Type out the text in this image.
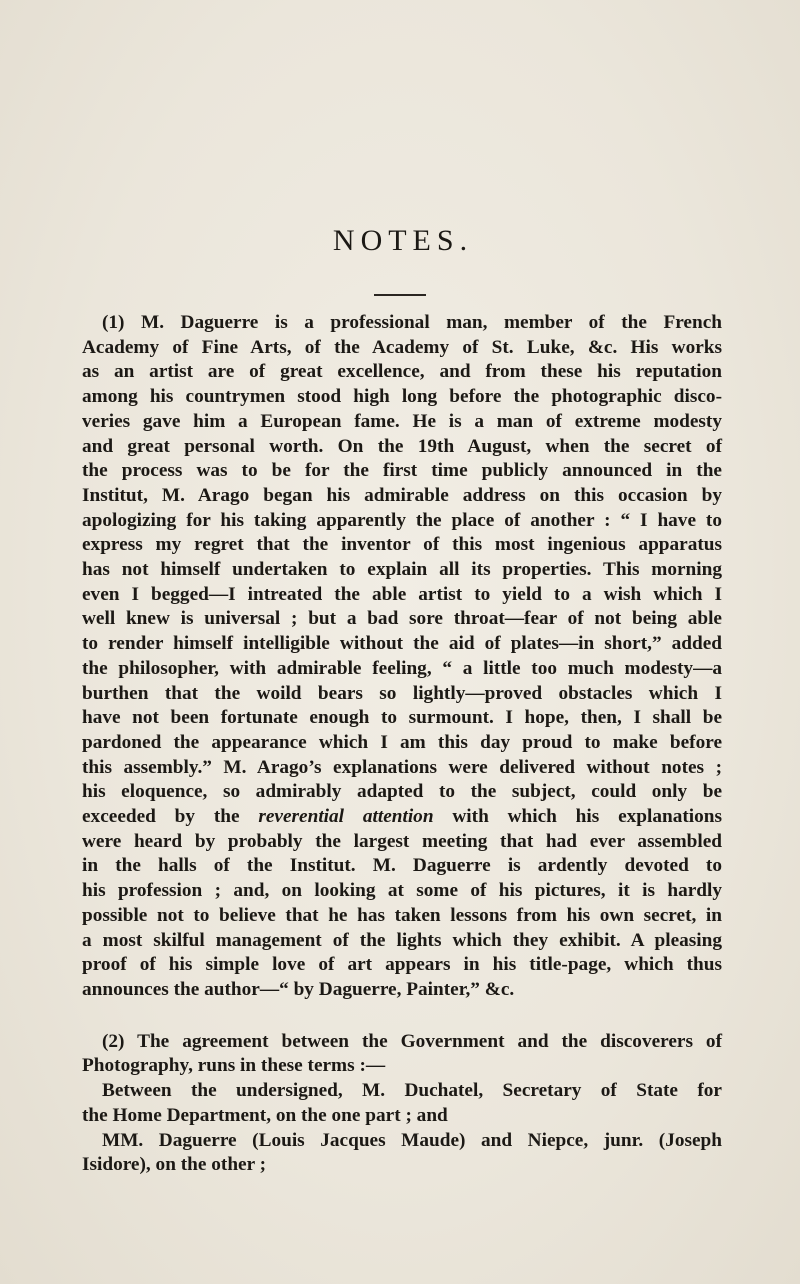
NOTES.
(1) M. Daguerre is a professional man, member of the French
Academy of Fine Arts, of the Academy of St. Luke, &c. His works
as an artist are of great excellence, and from these his reputation
among his countrymen stood high long before the photographic disco-
veries gave him a European fame. He is a man of extreme modesty
and great personal worth. On the 19th August, when the secret of
the process was to be for the first time publicly announced in the
Institut, M. Arago began his admirable address on this occasion by
apologizing for his taking apparently the place of another : “ I have to
express my regret that the inventor of this most ingenious apparatus
has not himself undertaken to explain all its properties. This morning
even I begged—I intreated the able artist to yield to a wish which I
well knew is universal ; but a bad sore throat—fear of not being able
to render himself intelligible without the aid of plates—in short,” added
the philosopher, with admirable feeling, “ a little too much modesty—a
burthen that the woild bears so lightly—proved obstacles which I
have not been fortunate enough to surmount. I hope, then, I shall be
pardoned the appearance which I am this day proud to make before
this assembly.” M. Arago’s explanations were delivered without notes ;
his eloquence, so admirably adapted to the subject, could only be
exceeded by the reverential attention with which his explanations
were heard by probably the largest meeting that had ever assembled
in the halls of the Institut. M. Daguerre is ardently devoted to
his profession ; and, on looking at some of his pictures, it is hardly
possible not to believe that he has taken lessons from his own secret, in
a most skilful management of the lights which they exhibit. A pleasing
proof of his simple love of art appears in his title-page, which thus
announces the author—“ by Daguerre, Painter,” &c.
(2) The agreement between the Government and the discoverers of
Photography, runs in these terms :—
Between the undersigned, M. Duchatel, Secretary of State for
the Home Department, on the one part ; and
MM. Daguerre (Louis Jacques Maude) and Niepce, junr. (Joseph
Isidore), on the other ;
